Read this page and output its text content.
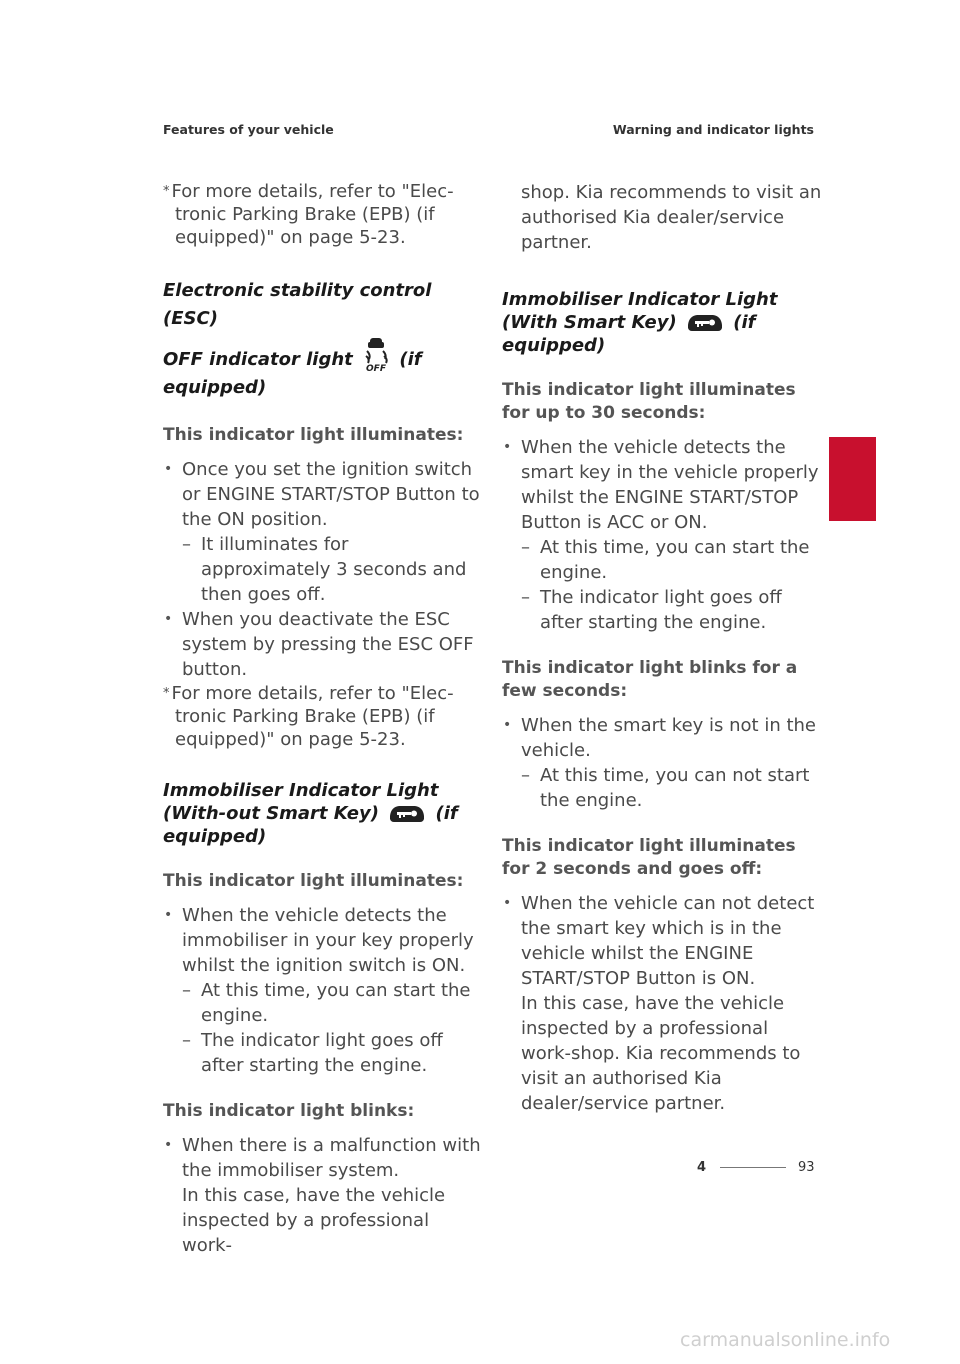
Features of your vehicle	Warning and indicator lights

* For more details, refer to "Elec-tronic Parking Brake (EPB) (if equipped)" on page 5-23.

Electronic stability control (ESC)
OFF indicator light OFF (if equipped)
This indicator light illuminates:
• Once you set the ignition switch or ENGINE START/STOP Button to the ON position.
– It illuminates for approximately 3 seconds and then goes off.
• When you deactivate the ESC system by pressing the ESC OFF button.

* For more details, refer to "Elec-tronic Parking Brake (EPB) (if equipped)" on page 5-23.

Immobiliser Indicator Light (With-out Smart Key)	(if equipped)
This indicator light illuminates:
• When the vehicle detects the immobiliser in your key properly whilst the ignition switch is ON.
– At this time, you can start the engine.
– The indicator light goes off after starting the engine.
This indicator light blinks:
• When there is a malfunction with the immobiliser system.
In this case, have the vehicle inspected by a professional work-

shop. Kia recommends to visit an authorised Kia dealer/service partner.

Immobiliser Indicator Light (With Smart Key)	(if equipped)
This indicator light illuminates for up to 30 seconds:
• When the vehicle detects the smart key in the vehicle properly whilst the ENGINE START/STOP Button is ACC or ON.
– At this time, you can start the engine.
– The indicator light goes off after starting the engine.
This indicator light blinks for a few seconds:
• When the smart key is not in the vehicle.
– At this time, you can not start the engine.
This indicator light illuminates for 2 seconds and goes off:
• When the vehicle can not detect the smart key which is in the vehicle whilst the ENGINE START/STOP Button is ON.
In this case, have the vehicle inspected by a professional work-shop. Kia recommends to visit an authorised Kia dealer/service partner.
4
4	93
carmanualsonline.info
